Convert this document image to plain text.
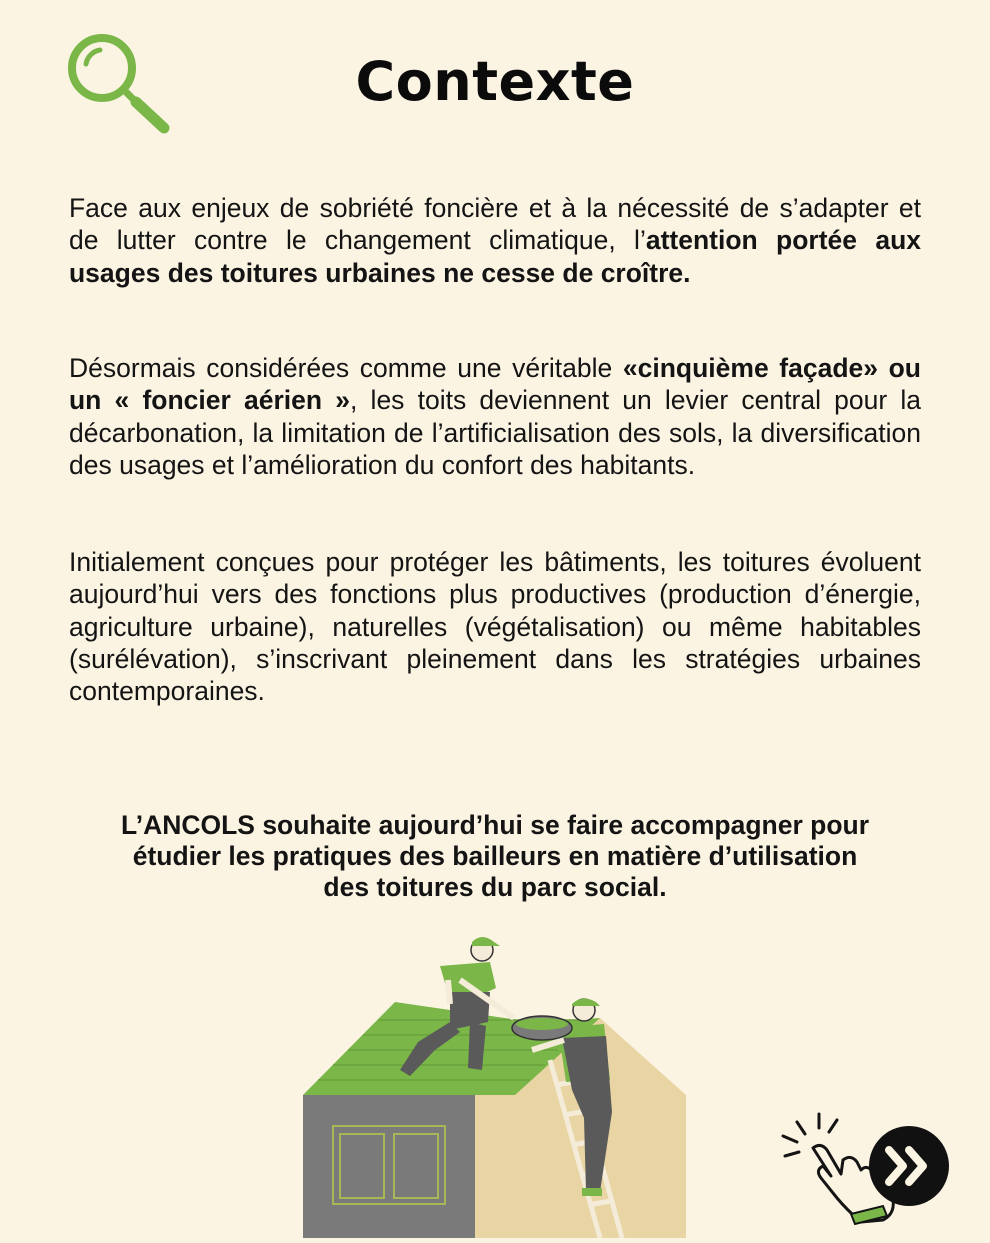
Contexte

Face aux enjeux de sobriété foncière et à la nécessité de s’adapter et de lutter contre le changement climatique, l’attention portée aux usages des toitures urbaines ne cesse de croître.

Désormais considérées comme une véritable «cinquième façade» ou un « foncier aérien », les toits deviennent un levier central pour la décarbonation, la limitation de l’artificialisation des sols, la diversification des usages et l’amélioration du confort des habitants.

Initialement conçues pour protéger les bâtiments, les toitures évoluent aujourd’hui vers des fonctions plus productives (production d’énergie, agriculture urbaine), naturelles (végétalisation) ou même habitables (surélévation), s’inscrivant pleinement dans les stratégies urbaines contemporaines.

L’ANCOLS souhaite aujourd’hui se faire accompagner pour
étudier les pratiques des bailleurs en matière d’utilisation
des toitures du parc social.
